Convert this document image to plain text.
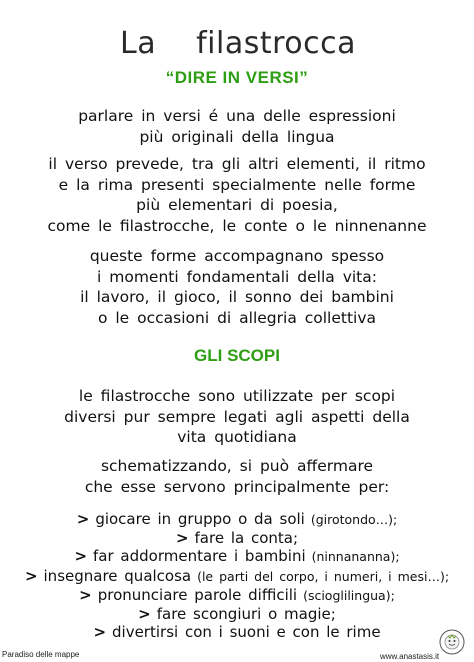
La filastrocca
“DIRE IN VERSI”
parlare in versi é una delle espressioni
più originali della lingua
il verso prevede, tra gli altri elementi, il ritmo
e la rima presenti specialmente nelle forme
più elementari di poesia,
come le filastrocche, le conte o le ninnenanne
queste forme accompagnano spesso
i momenti fondamentali della vita:
il lavoro, il gioco, il sonno dei bambini
o le occasioni di allegria collettiva
GLI SCOPI
le filastrocche sono utilizzate per scopi
diversi pur sempre legati agli aspetti della
vita quotidiana
schematizzando, si può affermare
che esse servono principalmente per:
> giocare in gruppo o da soli (girotondo…);
> fare la conta;
> far addormentare i bambini (ninnananna);
> insegnare qualcosa (le parti del corpo, i numeri, i mesi…);
> pronunciare parole difficili (scioglilingua);
> fare scongiuri o magie;
> divertirsi con i suoni e con le rime
Paradiso delle mappe	www.anastasis.it
